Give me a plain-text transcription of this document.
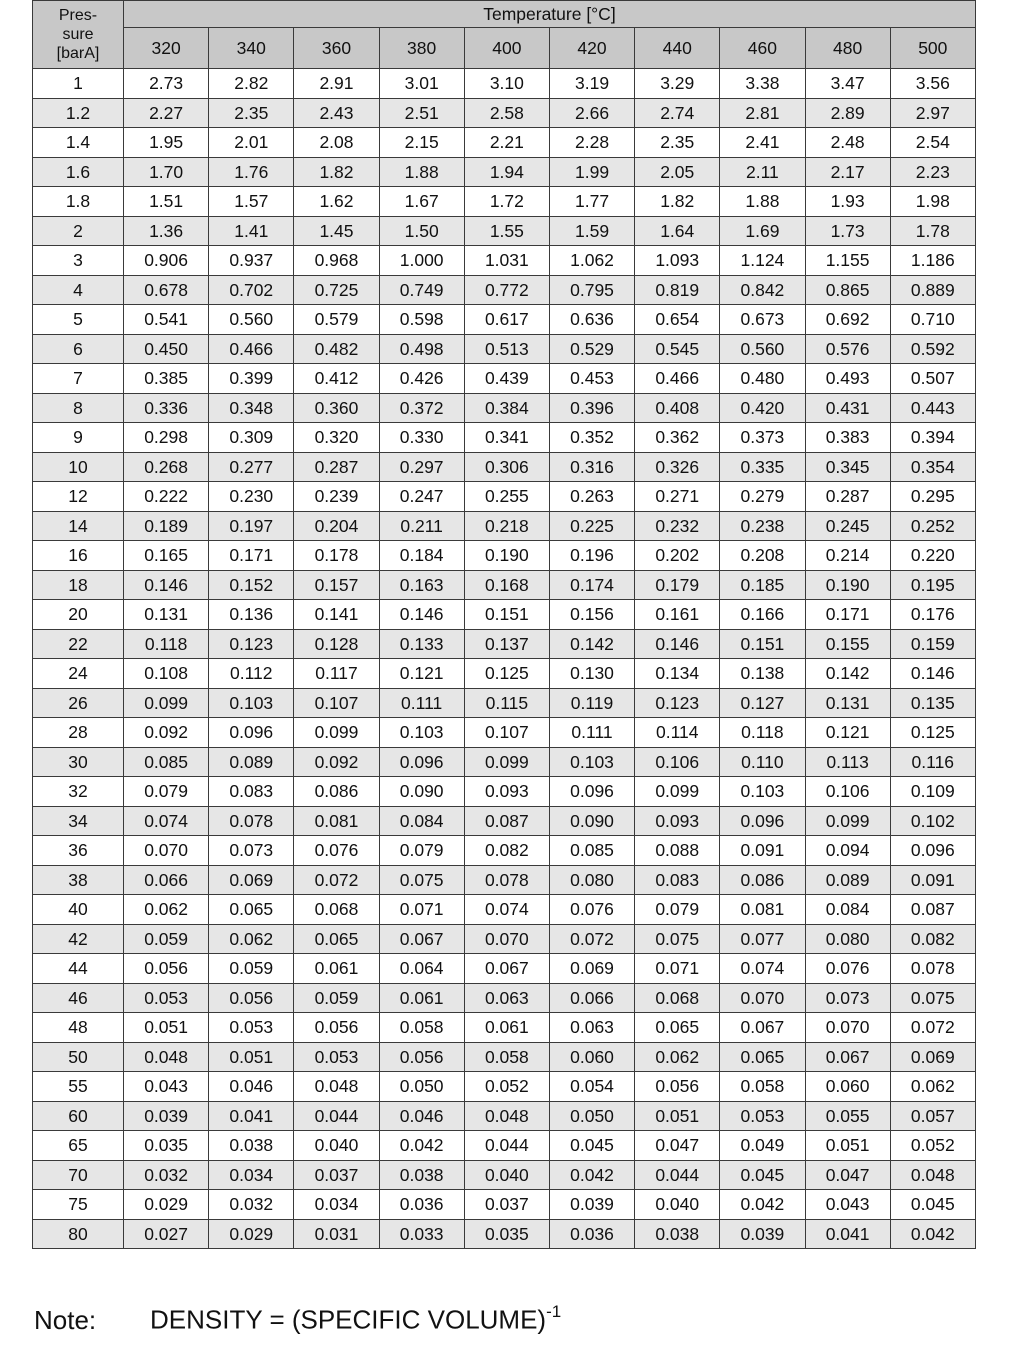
Pres-
sure
[barA]	Temperature [°C]									
	320	340	360	380	400	420	440	460	480	500
1	2.73	2.82	2.91	3.01	3.10	3.19	3.29	3.38	3.47	3.56
1.2	2.27	2.35	2.43	2.51	2.58	2.66	2.74	2.81	2.89	2.97
1.4	1.95	2.01	2.08	2.15	2.21	2.28	2.35	2.41	2.48	2.54
1.6	1.70	1.76	1.82	1.88	1.94	1.99	2.05	2.11	2.17	2.23
1.8	1.51	1.57	1.62	1.67	1.72	1.77	1.82	1.88	1.93	1.98
2	1.36	1.41	1.45	1.50	1.55	1.59	1.64	1.69	1.73	1.78
3	0.906	0.937	0.968	1.000	1.031	1.062	1.093	1.124	1.155	1.186
4	0.678	0.702	0.725	0.749	0.772	0.795	0.819	0.842	0.865	0.889
5	0.541	0.560	0.579	0.598	0.617	0.636	0.654	0.673	0.692	0.710
6	0.450	0.466	0.482	0.498	0.513	0.529	0.545	0.560	0.576	0.592
7	0.385	0.399	0.412	0.426	0.439	0.453	0.466	0.480	0.493	0.507
8	0.336	0.348	0.360	0.372	0.384	0.396	0.408	0.420	0.431	0.443
9	0.298	0.309	0.320	0.330	0.341	0.352	0.362	0.373	0.383	0.394
10	0.268	0.277	0.287	0.297	0.306	0.316	0.326	0.335	0.345	0.354
12	0.222	0.230	0.239	0.247	0.255	0.263	0.271	0.279	0.287	0.295
14	0.189	0.197	0.204	0.211	0.218	0.225	0.232	0.238	0.245	0.252
16	0.165	0.171	0.178	0.184	0.190	0.196	0.202	0.208	0.214	0.220
18	0.146	0.152	0.157	0.163	0.168	0.174	0.179	0.185	0.190	0.195
20	0.131	0.136	0.141	0.146	0.151	0.156	0.161	0.166	0.171	0.176
22	0.118	0.123	0.128	0.133	0.137	0.142	0.146	0.151	0.155	0.159
24	0.108	0.112	0.117	0.121	0.125	0.130	0.134	0.138	0.142	0.146
26	0.099	0.103	0.107	0.111	0.115	0.119	0.123	0.127	0.131	0.135
28	0.092	0.096	0.099	0.103	0.107	0.111	0.114	0.118	0.121	0.125
30	0.085	0.089	0.092	0.096	0.099	0.103	0.106	0.110	0.113	0.116
32	0.079	0.083	0.086	0.090	0.093	0.096	0.099	0.103	0.106	0.109
34	0.074	0.078	0.081	0.084	0.087	0.090	0.093	0.096	0.099	0.102
36	0.070	0.073	0.076	0.079	0.082	0.085	0.088	0.091	0.094	0.096
38	0.066	0.069	0.072	0.075	0.078	0.080	0.083	0.086	0.089	0.091
40	0.062	0.065	0.068	0.071	0.074	0.076	0.079	0.081	0.084	0.087
42	0.059	0.062	0.065	0.067	0.070	0.072	0.075	0.077	0.080	0.082
44	0.056	0.059	0.061	0.064	0.067	0.069	0.071	0.074	0.076	0.078
46	0.053	0.056	0.059	0.061	0.063	0.066	0.068	0.070	0.073	0.075
48	0.051	0.053	0.056	0.058	0.061	0.063	0.065	0.067	0.070	0.072
50	0.048	0.051	0.053	0.056	0.058	0.060	0.062	0.065	0.067	0.069
55	0.043	0.046	0.048	0.050	0.052	0.054	0.056	0.058	0.060	0.062
60	0.039	0.041	0.044	0.046	0.048	0.050	0.051	0.053	0.055	0.057
65	0.035	0.038	0.040	0.042	0.044	0.045	0.047	0.049	0.051	0.052
70	0.032	0.034	0.037	0.038	0.040	0.042	0.044	0.045	0.047	0.048
75	0.029	0.032	0.034	0.036	0.037	0.039	0.040	0.042	0.043	0.045
80	0.027	0.029	0.031	0.033	0.035	0.036	0.038	0.039	0.041	0.042
Note: DENSITY = (SPECIFIC VOLUME)$^{-1}$
